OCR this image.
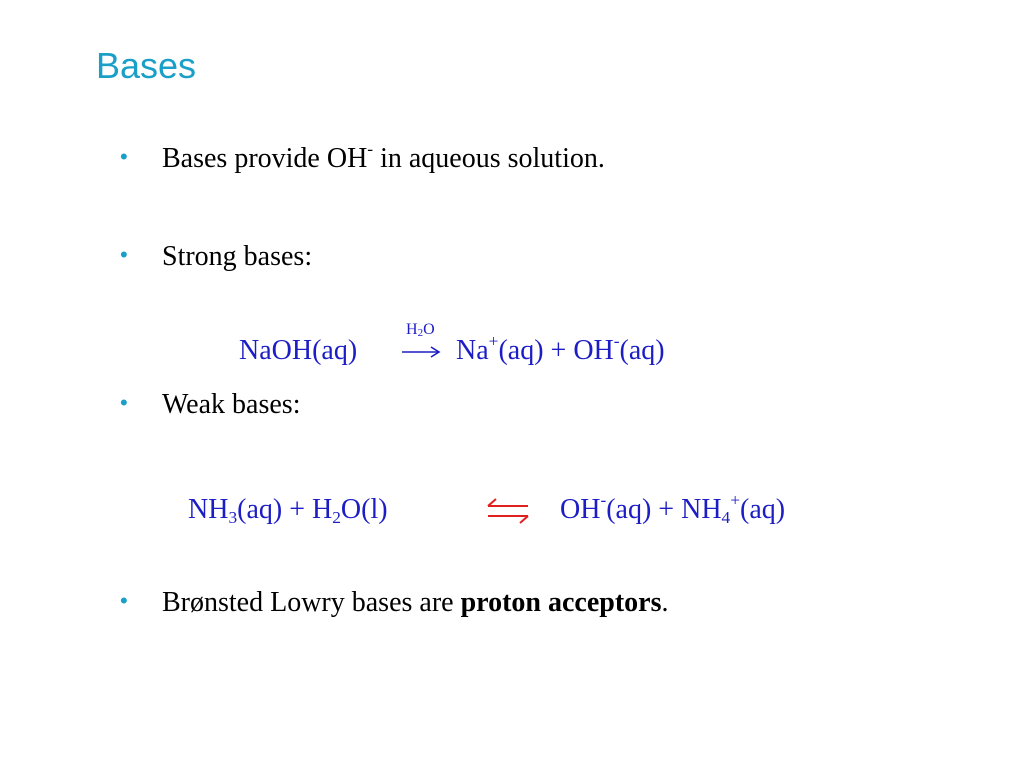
Bases
• Bases provide OH- in aqueous solution.
• Strong bases:
NaOH(aq)
$H_2O$
Na+(aq) + OH-(aq)
• Weak bases:
$NH_3(aq) + H_2O(l)$	$OH^-(aq) + NH_4^+(aq)$
• Brønsted Lowry bases are proton acceptors.
